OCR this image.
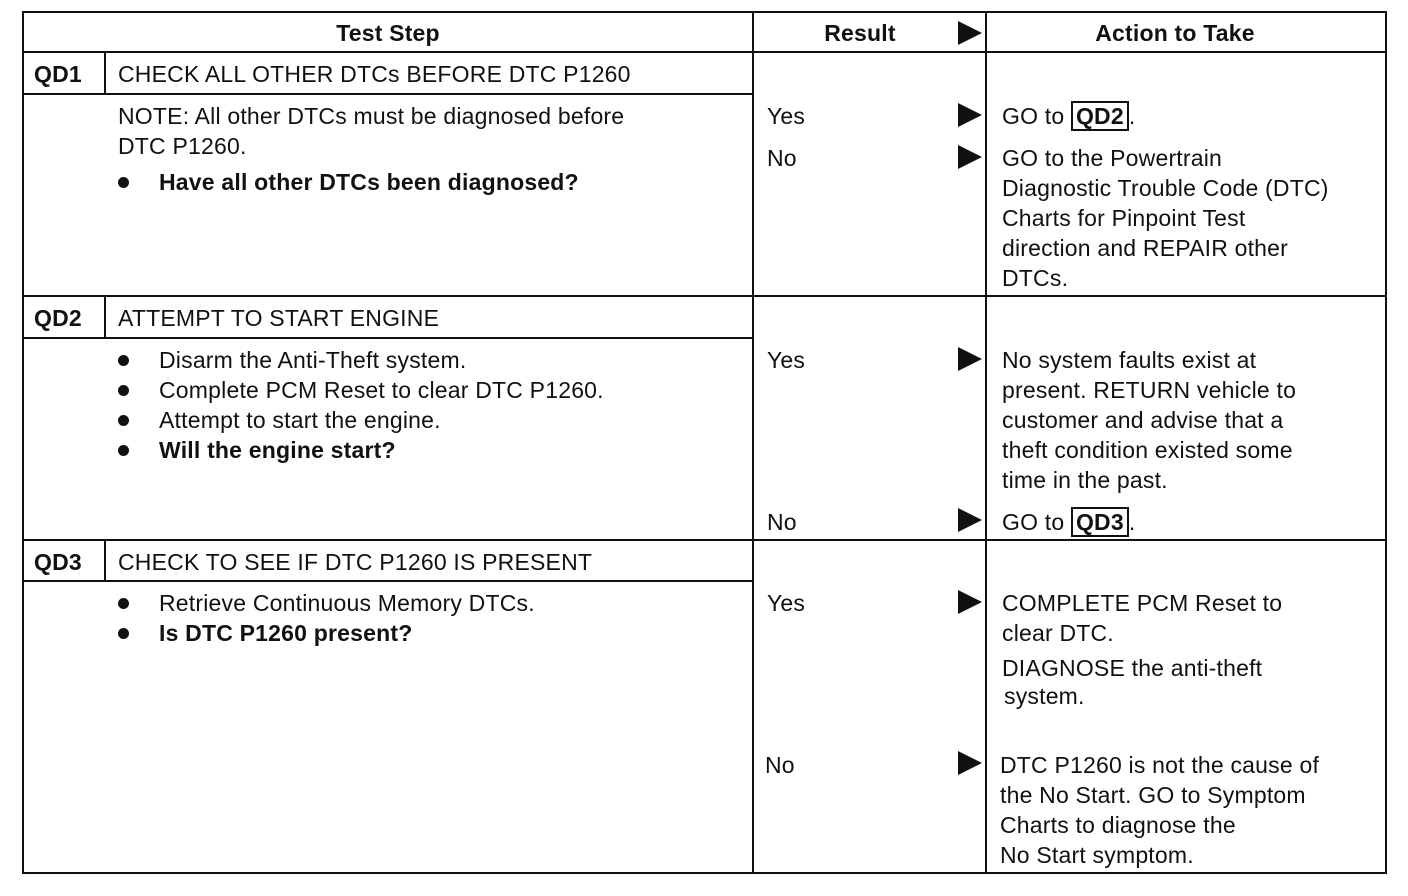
Test Step	Result	Action to Take
QD1 CHECK ALL OTHER DTCs BEFORE DTC P1260
NOTE: All other DTCs must be diagnosed before
DTC P1260.
Have all other DTCs been diagnosed?
Yes	GO to QD2 .
No	GO to the Powertrain
Diagnostic Trouble Code (DTC)
Charts for Pinpoint Test
direction and REPAIR other
DTCs.
QD2 ATTEMPT TO START ENGINE
Disarm the Anti-Theft system.
Complete PCM Reset to clear DTC P1260.
Attempt to start the engine.
Will the engine start?
Yes	No system faults exist at
present. RETURN vehicle to
customer and advise that a
theft condition existed some
time in the past.
No	GO to QD3 .
QD3 CHECK TO SEE IF DTC P1260 IS PRESENT
Retrieve Continuous Memory DTCs.
Is DTC P1260 present?
Yes	COMPLETE PCM Reset to
clear DTC.
DIAGNOSE the anti-theft
system.
No	DTC P1260 is not the cause of
the No Start. GO to Symptom
Charts to diagnose the
No Start symptom.
